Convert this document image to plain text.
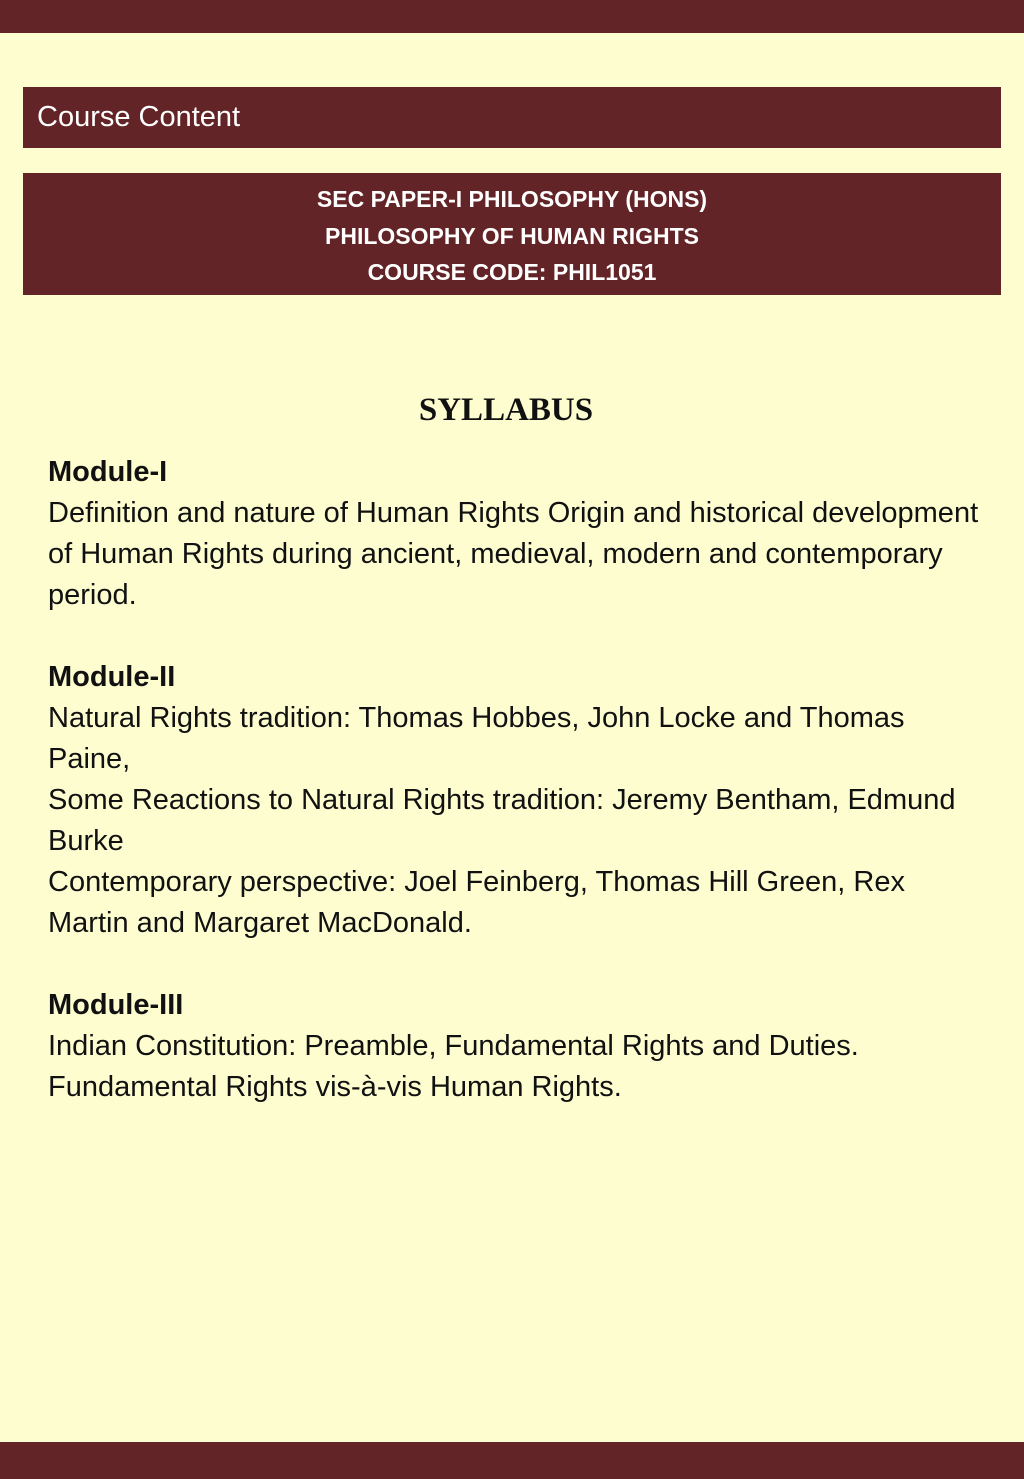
Course Content
SEC PAPER-I PHILOSOPHY (HONS)
PHILOSOPHY OF HUMAN RIGHTS
COURSE CODE: PHIL1051
SYLLABUS
Module-I

Definition and nature of Human Rights Origin and historical development of Human Rights during ancient, medieval, modern and contemporary period.

Module-II

Natural Rights tradition: Thomas Hobbes, John Locke and Thomas Paine,

Some Reactions to Natural Rights tradition: Jeremy Bentham, Edmund Burke

Contemporary perspective: Joel Feinberg, Thomas Hill Green, Rex Martin and Margaret MacDonald.

Module-III

Indian Constitution: Preamble, Fundamental Rights and Duties.

Fundamental Rights vis-à-vis Human Rights.
